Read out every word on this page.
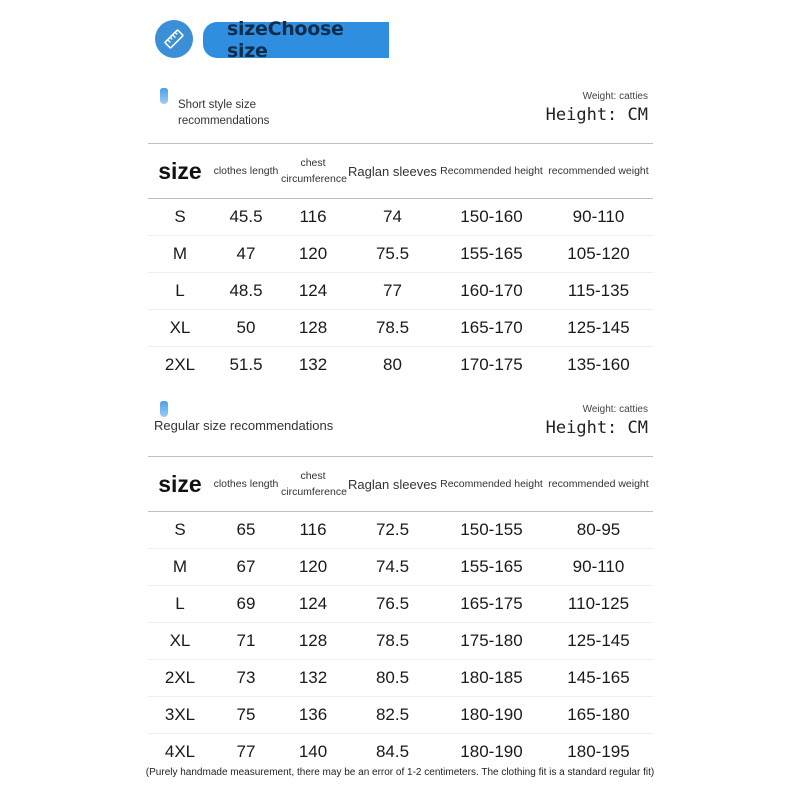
sizeChoose size
Short style size recommendations
Weight: catties
Height: CM
size	clothes length	chest circumference	Raglan sleeves	Recommended height	recommended weight
S	45.5	116	74	150-160	90-110
M	47	120	75.5	155-165	105-120
L	48.5	124	77	160-170	115-135
XL	50	128	78.5	165-170	125-145
2XL	51.5	132	80	170-175	135-160
Regular size recommendations
Weight: catties
Height: CM
size	clothes length	chest circumference	Raglan sleeves	Recommended height	recommended weight
S	65	116	72.5	150-155	80-95
M	67	120	74.5	155-165	90-110
L	69	124	76.5	165-175	110-125
XL	71	128	78.5	175-180	125-145
2XL	73	132	80.5	180-185	145-165
3XL	75	136	82.5	180-190	165-180
4XL	77	140	84.5	180-190	180-195
(Purely handmade measurement, there may be an error of 1-2 centimeters. The clothing fit is a standard regular fit)
